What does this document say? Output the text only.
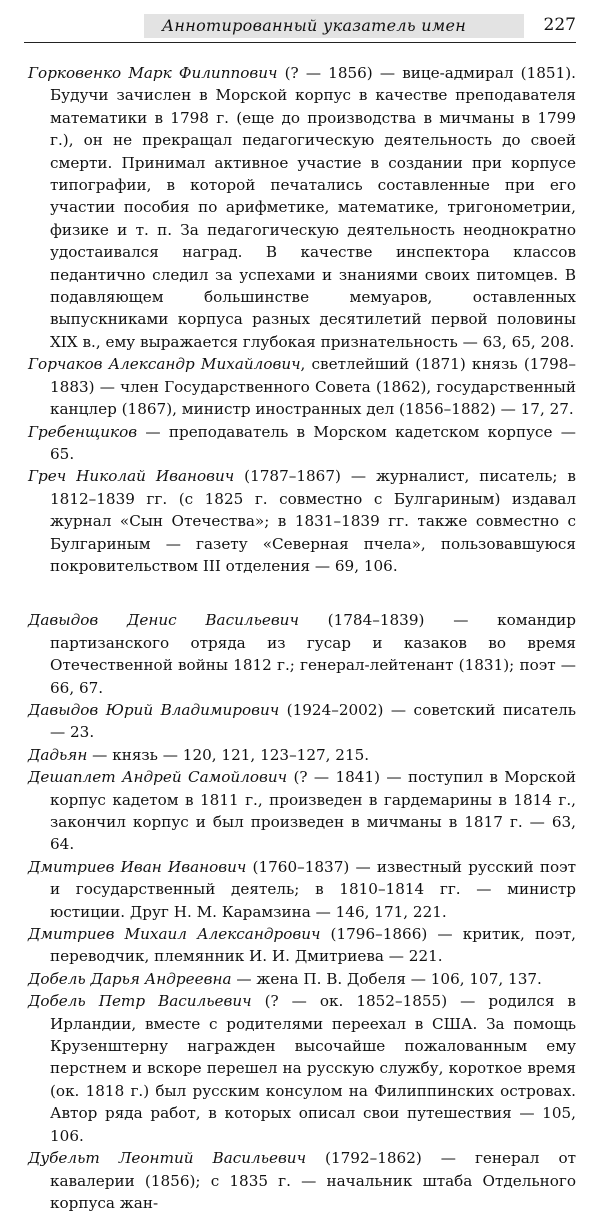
Аннотированный указатель имен	227

Горковенко Марк Филиппович (? — 1856) — вице-адмирал (1851). Будучи зачислен в Морской корпус в качестве преподавателя математики в 1798 г. (еще до производства в мичманы в 1799 г.), он не прекращал педагогическую деятельность до своей смерти. Принимал активное участие в создании при корпусе типографии, в которой печатались составленные при его участии пособия по арифметике, математике, тригонометрии, физике и т. п. За педагогическую деятельность неоднократно удостаивался наград. В качестве инспектора классов педантично следил за успехами и знаниями своих питомцев. В подавляющем большинстве мемуаров, оставленных выпускниками корпуса разных десятилетий первой половины XIX в., ему выражается глубокая признательность — 63, 65, 208.

Горчаков Александр Михайлович, светлейший (1871) князь (1798–1883) — член Государственного Совета (1862), государственный канцлер (1867), министр иностранных дел (1856–1882) — 17, 27.

Гребенщиков — преподаватель в Морском кадетском корпусе — 65.

Греч Николай Иванович (1787–1867) — журналист, писатель; в 1812–1839 гг. (с 1825 г. совместно с Булгариным) издавал журнал «Сын Отечества»; в 1831–1839 гг. также совместно с Булгариным — газету «Северная пчела», пользовавшуюся покровительством III отделения — 69, 106.

Давыдов Денис Васильевич (1784–1839) — командир партизанского отряда из гусар и казаков во время Отечественной войны 1812 г.; генерал-лейтенант (1831); поэт — 66, 67.

Давыдов Юрий Владимирович (1924–2002) — советский писатель — 23.

Дадьян — князь — 120, 121, 123–127, 215.

Дешаплет Андрей Самойлович (? — 1841) — поступил в Морской корпус кадетом в 1811 г., произведен в гардемарины в 1814 г., закончил корпус и был произведен в мичманы в 1817 г. — 63, 64.

Дмитриев Иван Иванович (1760–1837) — известный русский поэт и государственный деятель; в 1810–1814 гг. — министр юстиции. Друг Н. М. Карамзина — 146, 171, 221.

Дмитриев Михаил Александрович (1796–1866) — критик, поэт, переводчик, племянник И. И. Дмитриева — 221.

Добель Дарья Андреевна — жена П. В. Добеля — 106, 107, 137.

Добель Петр Васильевич (? — ок. 1852–1855) — родился в Ирландии, вместе с родителями переехал в США. За помощь Крузенштерну награжден высочайше пожалованным ему перстнем и вскоре перешел на русскую службу, короткое время (ок. 1818 г.) был русским консулом на Филиппинских островах. Автор ряда работ, в которых описал свои путешествия — 105, 106.

Дубельт Леонтий Васильевич (1792–1862) — генерал от кавалерии (1856); с 1835 г. — начальник штаба Отдельного корпуса жан-
